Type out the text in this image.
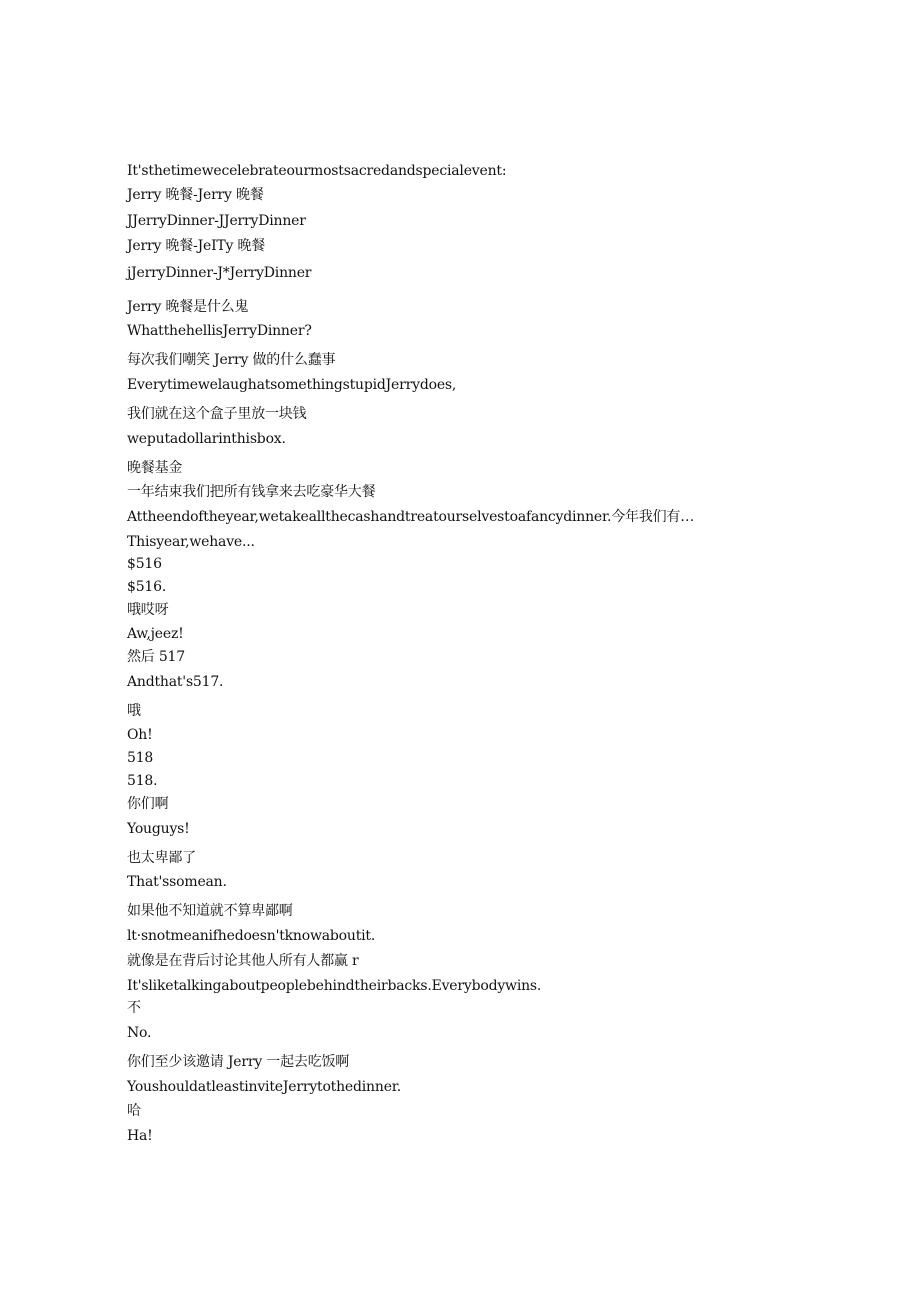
It'sthetimewecelebrateourmostsacredandspecialevent:
Jerry 晚餐-Jerry 晚餐
JJerryDinner-JJerryDinner
Jerry 晚餐-JeITy 晚餐
jJerryDinner-J*JerryDinner
Jerry 晚餐是什么鬼
WhatthehellisJerryDinner?
每次我们嘲笑 Jerry 做的什么蠢事
EverytimewelaughatsomethingstupidJerrydoes,
我们就在这个盒子里放一块钱
weputadollarinthisbox.
晚餐基金
一年结束我们把所有钱拿来去吃豪华大餐
Attheendoftheyear,wetakeallthecashandtreatourselvestoafancydinner.今年我们有…
Thisyear,wehave...
$516
$516.
哦哎呀
Aw,jeez!
然后 517
Andthat's517.
哦
Oh!
518
518.
你们啊
Youguys!
也太卑鄙了
That'ssomean.
如果他不知道就不算卑鄙啊
lt·snotmeanifhedoesn'tknowaboutit.
就像是在背后讨论其他人所有人都赢 r
It'sliketalkingaboutpeoplebehindtheirbacks.Everybodywins.
不
No.
你们至少该邀请 Jerry 一起去吃饭啊
YoushouldatleastinviteJerrytothedinner.
哈
Ha!
